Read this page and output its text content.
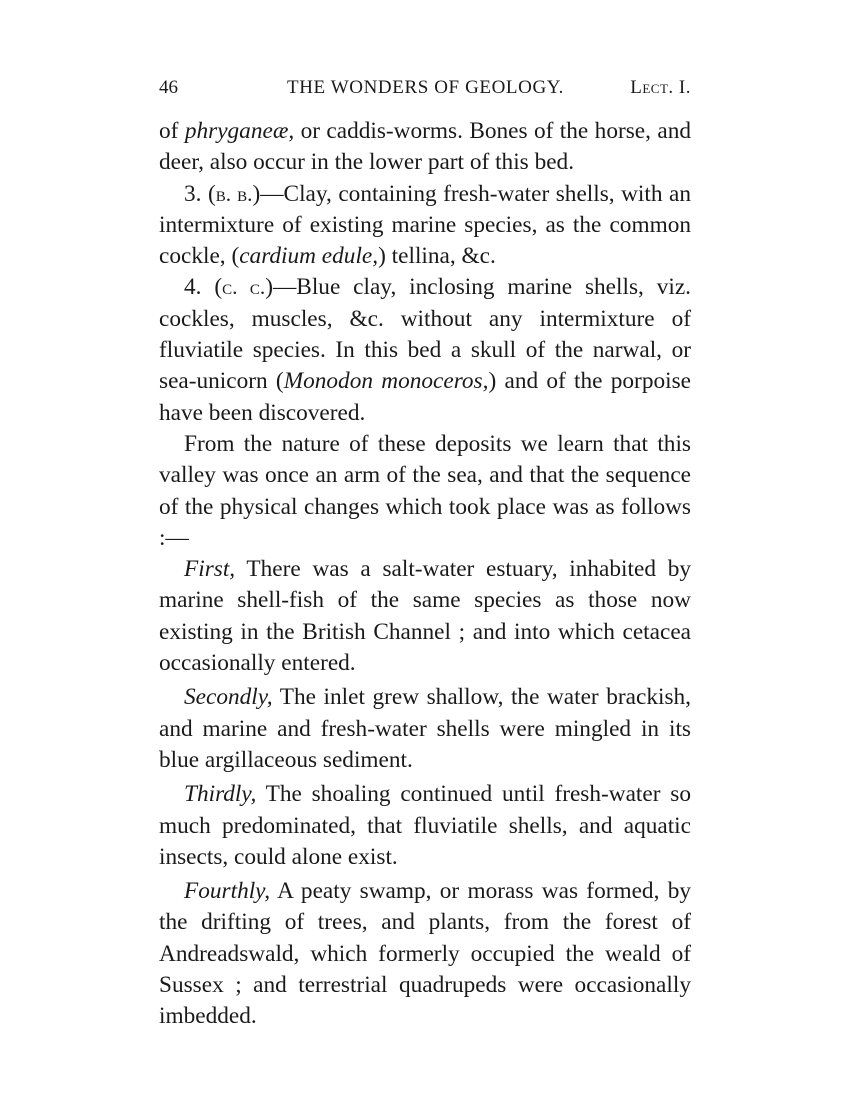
46	THE WONDERS OF GEOLOGY.	Lect. I.

of phryganeæ, or caddis-worms. Bones of the horse, and deer, also occur in the lower part of this bed.

3. (b. b.)—Clay, containing fresh-water shells, with an intermixture of existing marine species, as the common cockle, (cardium edule,) tellina, &c.

4. (c. c.)—Blue clay, inclosing marine shells, viz. cockles, muscles, &c. without any intermixture of fluviatile species. In this bed a skull of the narwal, or sea-unicorn (Monodon monoceros,) and of the porpoise have been discovered.

From the nature of these deposits we learn that this valley was once an arm of the sea, and that the sequence of the physical changes which took place was as follows :—

First, There was a salt-water estuary, inhabited by marine shell-fish of the same species as those now existing in the British Channel ; and into which cetacea occasionally entered.

Secondly, The inlet grew shallow, the water brackish, and marine and fresh-water shells were mingled in its blue argillaceous sediment.

Thirdly, The shoaling continued until fresh-water so much predominated, that fluviatile shells, and aquatic insects, could alone exist.

Fourthly, A peaty swamp, or morass was formed, by the drifting of trees, and plants, from the forest of Andreadswald, which formerly occupied the weald of Sussex ; and terrestrial quadrupeds were occasionally imbedded.
